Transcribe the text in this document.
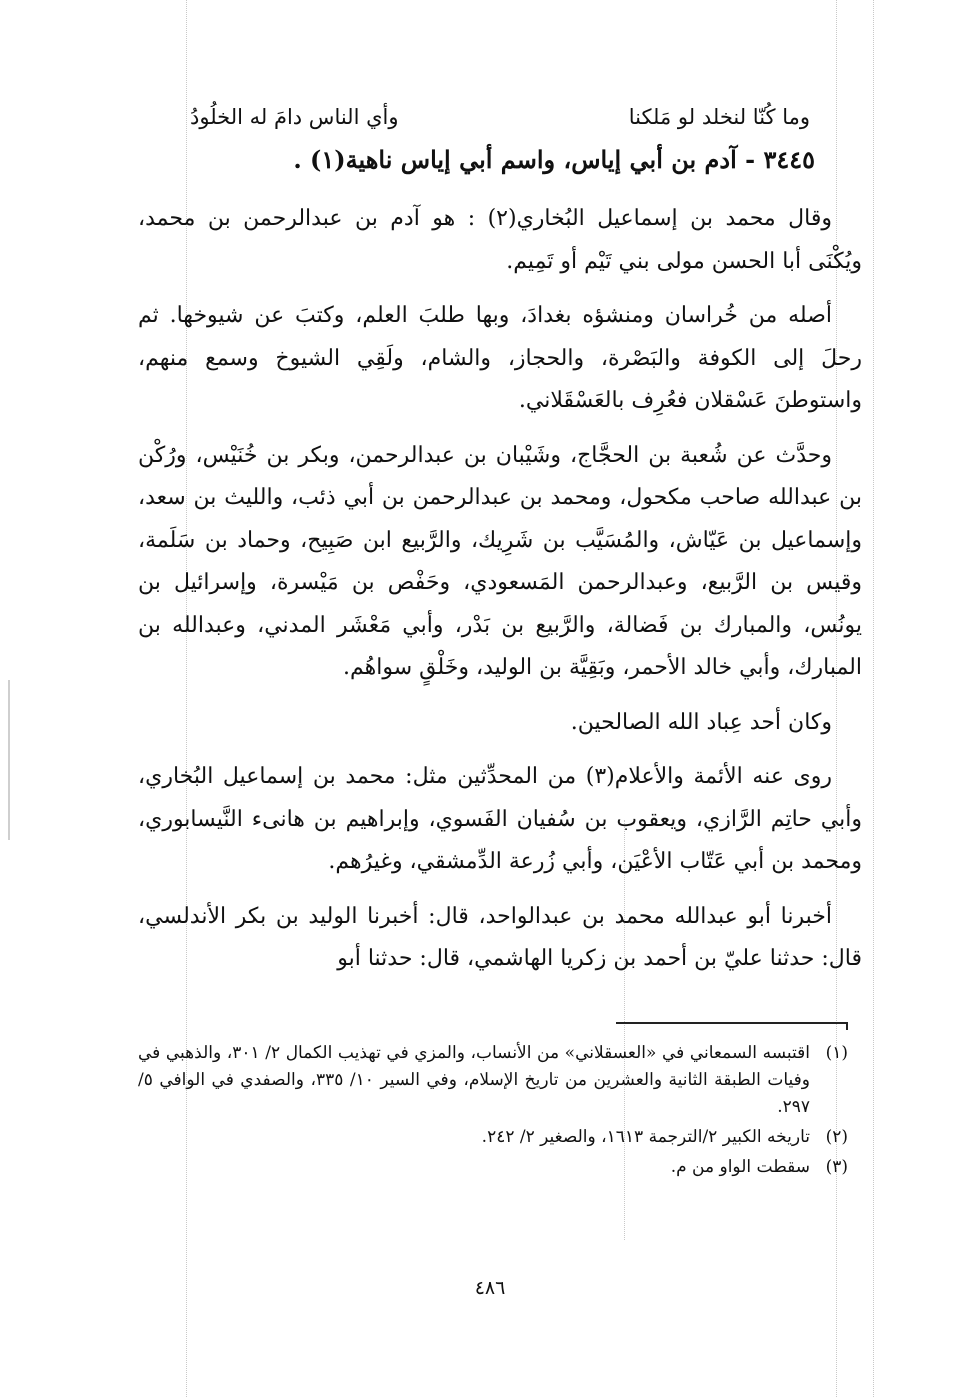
وما كُنّا لنخلد لو مَلكنا
وأي الناس دامَ له الخلُودُ
٣٤٤٥ - آدم بن أبي إياس، واسم أبي إياس ناهية(١) .

وقال محمد بن إسماعيل البُخاري(٢) : هو آدم بن عبدالرحمن بن محمد، ويُكْنَى أبا الحسن مولى بني تَيْم أو تَمِيم.

أصله من خُراسان ومنشؤه بغدادَ، وبها طلبَ العلم، وكتبَ عن شيوخها. ثم رحلَ إلى الكوفة والبَصْرة، والحجاز، والشام، ولَقِي الشيوخ وسمع منهم، واستوطنَ عَسْقلان فعُرِف بالعَسْقَلاني.

وحدَّث عن شُعبة بن الحجَّاج، وشَيْبان بن عبدالرحمن، وبكر بن خُنَيْس، ورُكْن بن عبدالله صاحب مكحول، ومحمد بن عبدالرحمن بن أبي ذئب، والليث بن سعد، وإسماعيل بن عَيّاش، والمُسَيَّب بن شَرِيك، والرَّبيع ابن صَبِيح، وحماد بن سَلَمة، وقيس بن الرَّبيع، وعبدالرحمن المَسعودي، وحَفْص بن مَيْسرة، وإسرائيل بن يونُس، والمبارك بن فَضالة، والرَّبيع بن بَدْر، وأبي مَعْشَر المدني، وعبدالله بن المبارك، وأبي خالد الأحمر، وبَقِيَّة بن الوليد، وخَلْقٍ سواهُم.

وكان أحد عِباد الله الصالحين.

روى عنه الأئمة والأعلام(٣) من المحدِّثين مثل: محمد بن إسماعيل البُخاري، وأبي حاتِم الرَّازي، ويعقوب بن سُفيان الفَسوي، وإبراهيم بن هانىء النَّيسابوري، ومحمد بن أبي عَتّاب الأعْيَن، وأبي زُرعة الدِّمشقي، وغيرُهم.

أخبرنا أبو عبدالله محمد بن عبدالواحد، قال: أخبرنا الوليد بن بكر الأندلسي، قال: حدثنا عليّ بن أحمد بن زكريا الهاشمي، قال: حدثنا أبو

(١)
اقتبسه السمعاني في «العسقلاني» من الأنساب، والمزي في تهذيب الكمال ٢/ ٣٠١، والذهبي في وفيات الطبقة الثانية والعشرين من تاريخ الإسلام، وفي السير ١٠/ ٣٣٥، والصفدي في الوافي ٥/ ٢٩٧.
(٢)
تاريخه الكبير ٢/الترجمة ١٦١٣، والصغير ٢/ ٢٤٢.
(٣)
سقطت الواو من م.
٤٨٦
